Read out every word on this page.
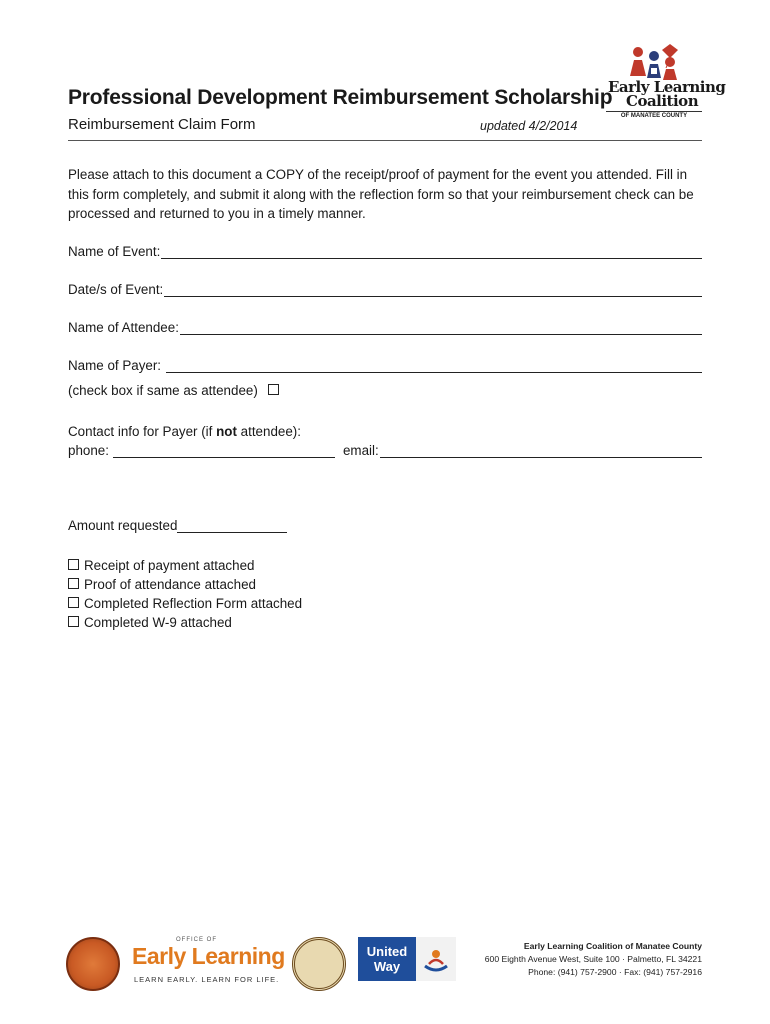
Professional Development Reimbursement Scholarship
Reimbursement Claim Form	updated 4/2/2014
Early Learning
Coalition
OF MANATEE COUNTY
Please attach to this document a COPY of the receipt/proof of payment for the event you attended. Fill in this form completely, and submit it along with the reflection form so that your reimbursement check can be processed and returned to you in a timely manner.
Name of Event:
Date/s of Event:
Name of Attendee:
Name of Payer:
(check box if same as attendee)
Contact info for Payer (if not attendee):
phone:	email:
Amount requested
Receipt of payment attached
Proof of attendance attached
Completed Reflection Form attached
Completed W-9 attached
OFFICE OF
Early Learning
LEARN EARLY. LEARN FOR LIFE.
United
Way
Early Learning Coalition of Manatee County
600 Eighth Avenue West, Suite 100 · Palmetto, FL 34221
Phone: (941) 757-2900 · Fax: (941) 757-2916
